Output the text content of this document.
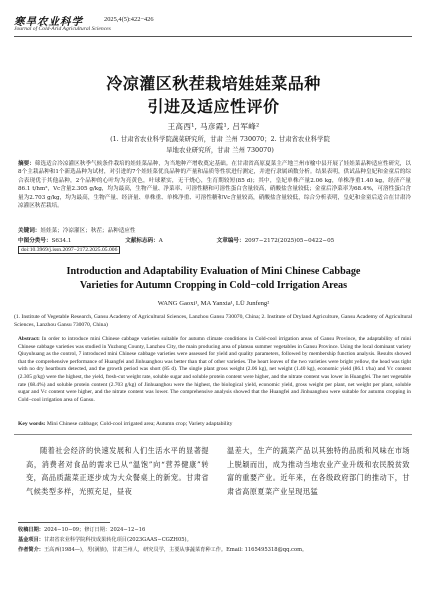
寒旱农业科学	2025,4(5):422−426
Journal of Cold-Arid Agricultural Sciences
冷凉灌区秋茬栽培娃娃菜品种
引进及适应性评价
王高西¹, 马彦霞¹, 吕军峰²
(1. 甘肃省农业科学院蔬菜研究所，甘肃 兰州 730070；2. 甘肃省农业科学院
旱地农业研究所，甘肃 兰州 730070)
摘要：筛选适合冷凉灌区秋季气候条件栽培的娃娃菜品种，为当地种产增收奠定基础。在甘肃省高原夏菜主产地兰州市榆中县开展了娃娃菜品种适应性研究，以8个主栽品种和1个新选品种为试材，对引进的7个娃娃菜优良品种的产量和品质等性状进行测定，并进行隶属函数分析。结果表明，供试品种皇妃和金童后的综合表现优于其他品种，2个品种的心叶均为亮黄色，叶球紧实，无干烧心，生育期较短(85 d)；其中，皇妃单株产量2.06 kg，单株净重1.40 kg，经济产量86.1 t/hm²，Vc含量2.305 g/kg，均为最高，生物产量、净菜率、可溶性糖和可溶性蛋白含量较高，硝酸盐含量较低；金童后净菜率为68.4%，可溶性蛋白含量为2.703 g/kg，均为最高，生物产量、经济量、单株重、单株净重、可溶性糖和Vc含量较高，硝酸盐含量较低，综合分析表明，皇妃和金童后适合在甘肃冷凉灌区秋茬栽培。
关键词：娃娃菜；冷凉灌区；秋茬；品种适应性
中图分类号：S634.1	文献标志码：A	文章编号：2097−2172(2025)05−0422−05
doi:10.3969/j.issn.2097−2172.2025.05.006
Introduction and Adaptability Evaluation of Mini Chinese Cabbage
Varieties for Autumn Cropping in Cold−cold Irrigation Areas
WANG Gaoxi¹, MA Yanxia¹, LÜ Junfeng²
(1. Institute of Vegetable Research, Gansu Academy of Agricultural Sciences, Lanzhou Gansu 730070, China; 2. Institute of Dryland Agriculture, Gansu Academy of Agricultural Sciences, Lanzhou Gansu 730070, China)
Abstract: In order to introduce mini Chinese cabbage varieties suitable for autumn climate conditions in Cold-cool irrigation areas of Gansu Province, the adaptability of mini Chinese cabbage varieties was studied in Yuzhong County, Lanzhou City, the main producing area of plateau summer vegetables in Gansu Province. Using the local dominant variety Qiuyuhuang as the control, 7 introduced mini Chinese cabbage varieties were assessed for yield and quality parameters, followed by membership function analysis. Results showed that the comprehensive performance of Huangfei and Jinhuanghou was better than that of other varieties. The heart leaves of the two varieties were bright yellow, the head was tight with no dry heartburn detected, and the growth period was short (85 d). The single plant gross weight (2.06 kg), net weight (1.40 kg), economic yield (86.1 t/ha) and Vc content (2.305 g/kg) were the highest, the yield, fresh-cut weight rate, soluble sugar and soluble protein content were higher, and the nitrate content was lower in Huangfei. The net vegetable rate (68.4%) and soluble protein content (2.703 g/kg) of Jinhuanghou were the highest, the biological yield, economic yield, gross weight per plant, net weight per plant, soluble sugar and Vc content were higher, and the nitrate content was lower. The comprehensive analysis showed that the Huangfei and Jinhuanghou were suitable for autumn cropping in Cold−cool irrigation area of Gansu.
Key words: Mini Chinese cabbage; Cold-cool irrigated area; Autumn crop; Variety adaptability
随着社会经济的快速发展和人们生活水平的显著提高，消费者对食品的需求已从“温饱”向“营养健康”转变，高品质蔬菜正逐步成为大众餐桌上的新宠。甘肃省气候类型多样，光照充足，昼夜
温差大，生产的蔬菜产品以其独特的品质和风味在市场上脱颖而出，成为推动当地农业产业升级和农民脱贫致富的重要产业。近年来，在各级政府部门的推动下，甘肃省高原夏菜产业呈现迅猛
收稿日期：2024−10−09；修订日期：2024−12−16
基金项目：甘肃省农业科学院科技成果转化项目(2023GAAS−CGZH05)。
作者简介：王高西(1984—)，男(满族)，甘肃兰州人，研究员学，主要从事蔬菜育种工作。Email: 1165495318@qq.com。
